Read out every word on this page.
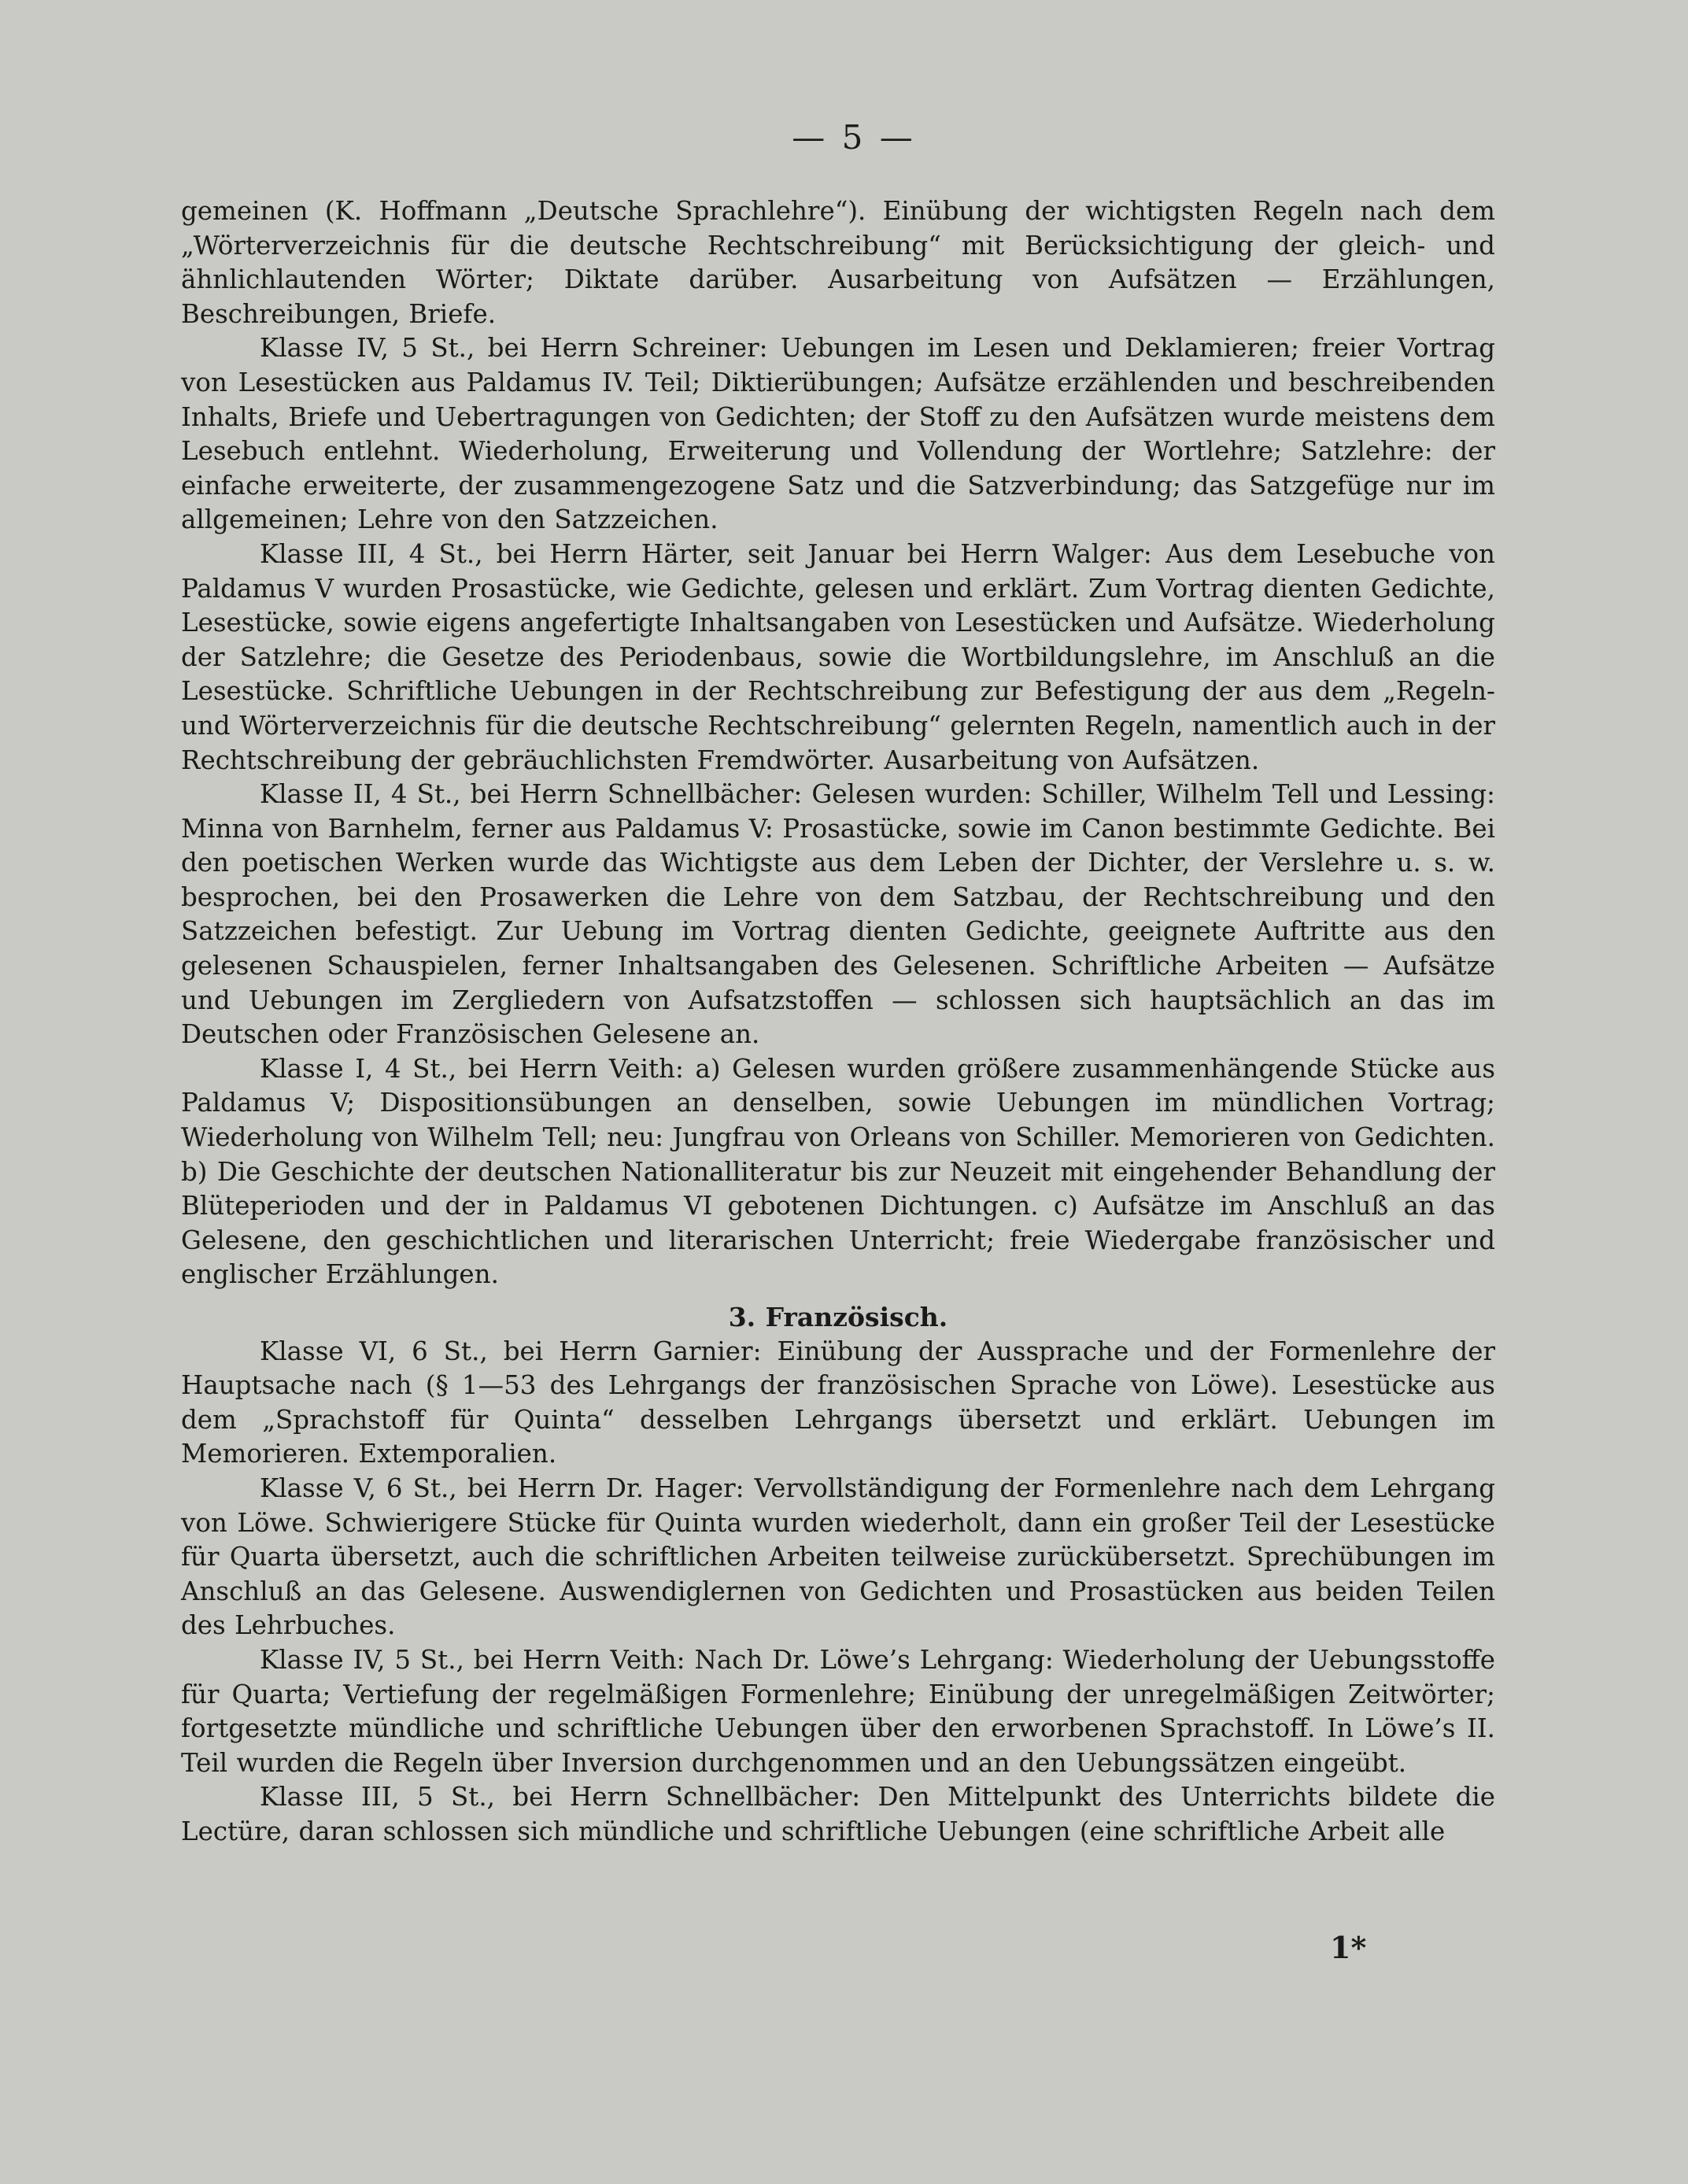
— 5 —

gemeinen (K. Hoffmann „Deutsche Sprachlehre“). Einübung der wichtigsten Regeln nach dem „Wörterverzeichnis für die deutsche Rechtschreibung“ mit Berücksichtigung der gleich- und ähnlichlautenden Wörter; Diktate darüber. Ausarbeitung von Aufsätzen — Erzählungen, Beschreibungen, Briefe.

Klasse IV, 5 St., bei Herrn Schreiner: Uebungen im Lesen und Deklamieren; freier Vortrag von Lesestücken aus Paldamus IV. Teil; Diktierübungen; Aufsätze erzählenden und beschreibenden Inhalts, Briefe und Uebertragungen von Gedichten; der Stoff zu den Aufsätzen wurde meistens dem Lesebuch entlehnt. Wiederholung, Erweiterung und Vollendung der Wortlehre; Satzlehre: der einfache erweiterte, der zusammengezogene Satz und die Satzverbindung; das Satzgefüge nur im allgemeinen; Lehre von den Satzzeichen.

Klasse III, 4 St., bei Herrn Härter, seit Januar bei Herrn Walger: Aus dem Lesebuche von Paldamus V wurden Prosastücke, wie Gedichte, gelesen und erklärt. Zum Vortrag dienten Gedichte, Lesestücke, sowie eigens angefertigte Inhaltsangaben von Lesestücken und Aufsätze. Wiederholung der Satzlehre; die Gesetze des Periodenbaus, sowie die Wortbildungslehre, im Anschluß an die Lesestücke. Schriftliche Uebungen in der Rechtschreibung zur Befestigung der aus dem „Regeln- und Wörterverzeichnis für die deutsche Rechtschreibung“ gelernten Regeln, namentlich auch in der Rechtschreibung der gebräuchlichsten Fremdwörter. Ausarbeitung von Aufsätzen.

Klasse II, 4 St., bei Herrn Schnellbächer: Gelesen wurden: Schiller, Wilhelm Tell und Lessing: Minna von Barnhelm, ferner aus Paldamus V: Prosastücke, sowie im Canon bestimmte Gedichte. Bei den poetischen Werken wurde das Wichtigste aus dem Leben der Dichter, der Verslehre u. s. w. besprochen, bei den Prosawerken die Lehre von dem Satzbau, der Rechtschreibung und den Satzzeichen befestigt. Zur Uebung im Vortrag dienten Gedichte, geeignete Auftritte aus den gelesenen Schauspielen, ferner Inhaltsangaben des Gelesenen. Schriftliche Arbeiten — Aufsätze und Uebungen im Zergliedern von Aufsatzstoffen — schlossen sich hauptsächlich an das im Deutschen oder Französischen Gelesene an.

Klasse I, 4 St., bei Herrn Veith: a) Gelesen wurden größere zusammenhängende Stücke aus Paldamus V; Dispositionsübungen an denselben, sowie Uebungen im mündlichen Vortrag; Wiederholung von Wilhelm Tell; neu: Jungfrau von Orleans von Schiller. Memorieren von Gedichten. b) Die Geschichte der deutschen Nationalliteratur bis zur Neuzeit mit eingehender Behandlung der Blüteperioden und der in Paldamus VI gebotenen Dichtungen. c) Aufsätze im Anschluß an das Gelesene, den geschichtlichen und literarischen Unterricht; freie Wiedergabe französischer und englischer Erzählungen.

3. Französisch.

Klasse VI, 6 St., bei Herrn Garnier: Einübung der Aussprache und der Formenlehre der Hauptsache nach (§ 1—53 des Lehrgangs der französischen Sprache von Löwe). Lesestücke aus dem „Sprachstoff für Quinta“ desselben Lehrgangs übersetzt und erklärt. Uebungen im Memorieren. Extemporalien.

Klasse V, 6 St., bei Herrn Dr. Hager: Vervollständigung der Formenlehre nach dem Lehrgang von Löwe. Schwierigere Stücke für Quinta wurden wiederholt, dann ein großer Teil der Lesestücke für Quarta übersetzt, auch die schriftlichen Arbeiten teilweise zurückübersetzt. Sprechübungen im Anschluß an das Gelesene. Auswendiglernen von Gedichten und Prosastücken aus beiden Teilen des Lehrbuches.

Klasse IV, 5 St., bei Herrn Veith: Nach Dr. Löwe’s Lehrgang: Wiederholung der Uebungsstoffe für Quarta; Vertiefung der regelmäßigen Formenlehre; Einübung der unregelmäßigen Zeitwörter; fortgesetzte mündliche und schriftliche Uebungen über den erworbenen Sprachstoff. In Löwe’s II. Teil wurden die Regeln über Inversion durchgenommen und an den Uebungssätzen eingeübt.

Klasse III, 5 St., bei Herrn Schnellbächer: Den Mittelpunkt des Unterrichts bildete die Lectüre, daran schlossen sich mündliche und schriftliche Uebungen (eine schriftliche Arbeit alle

1*
